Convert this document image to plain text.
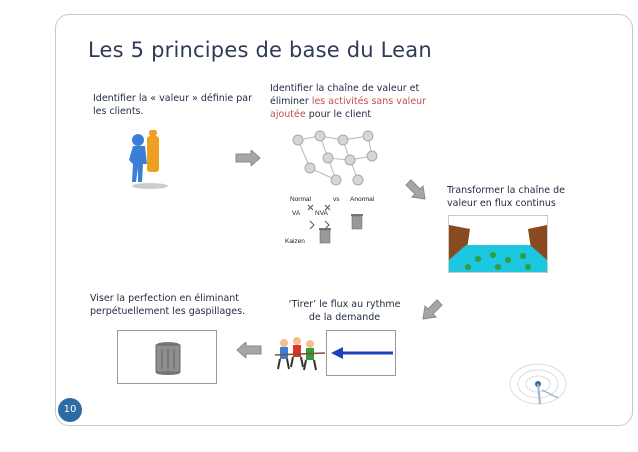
Les 5 principes de base du Lean
Identifier la « valeur » définie par les clients.
Identifier la chaîne de valeur et éliminer les activités sans valeur ajoutée pour le client
Normal	vs Anormal
VA NVA
Kaizen
Transformer la chaîne de valeur en flux continus
‘Tirer’ le flux au rythme de la demande
Viser la perfection en éliminant perpétuellement les gaspillages.
10
